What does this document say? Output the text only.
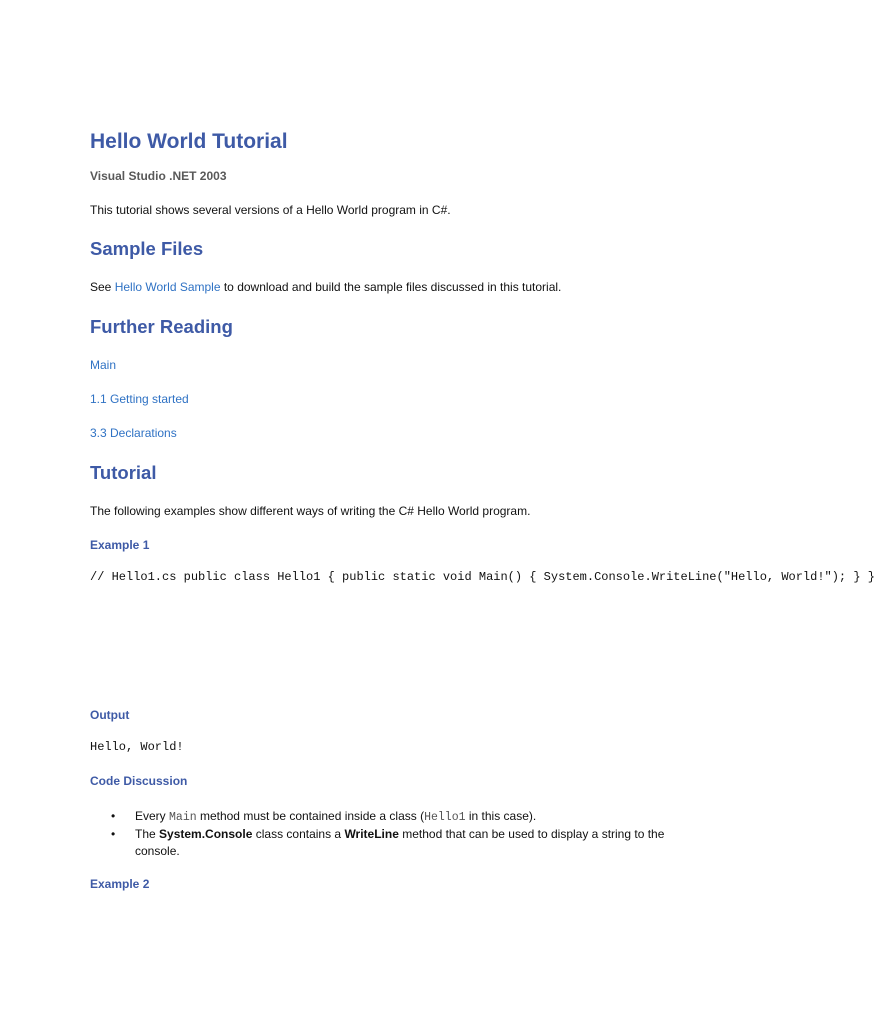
Hello World Tutorial
Visual Studio .NET 2003
This tutorial shows several versions of a Hello World program in C#.
Sample Files
See Hello World Sample to download and build the sample files discussed in this tutorial.
Further Reading
Main
1.1 Getting started
3.3 Declarations
Tutorial
The following examples show different ways of writing the C# Hello World program.
Example 1
// Hello1.cs public class Hello1 { public static void Main() { System.Console.WriteLine("Hello, World!"); } }
Output
Hello, World!
Code Discussion
• Every Main method must be contained inside a class (Hello1 in this case).
• The System.Console class contains a WriteLine method that can be used to display a string to the console.
Example 2
